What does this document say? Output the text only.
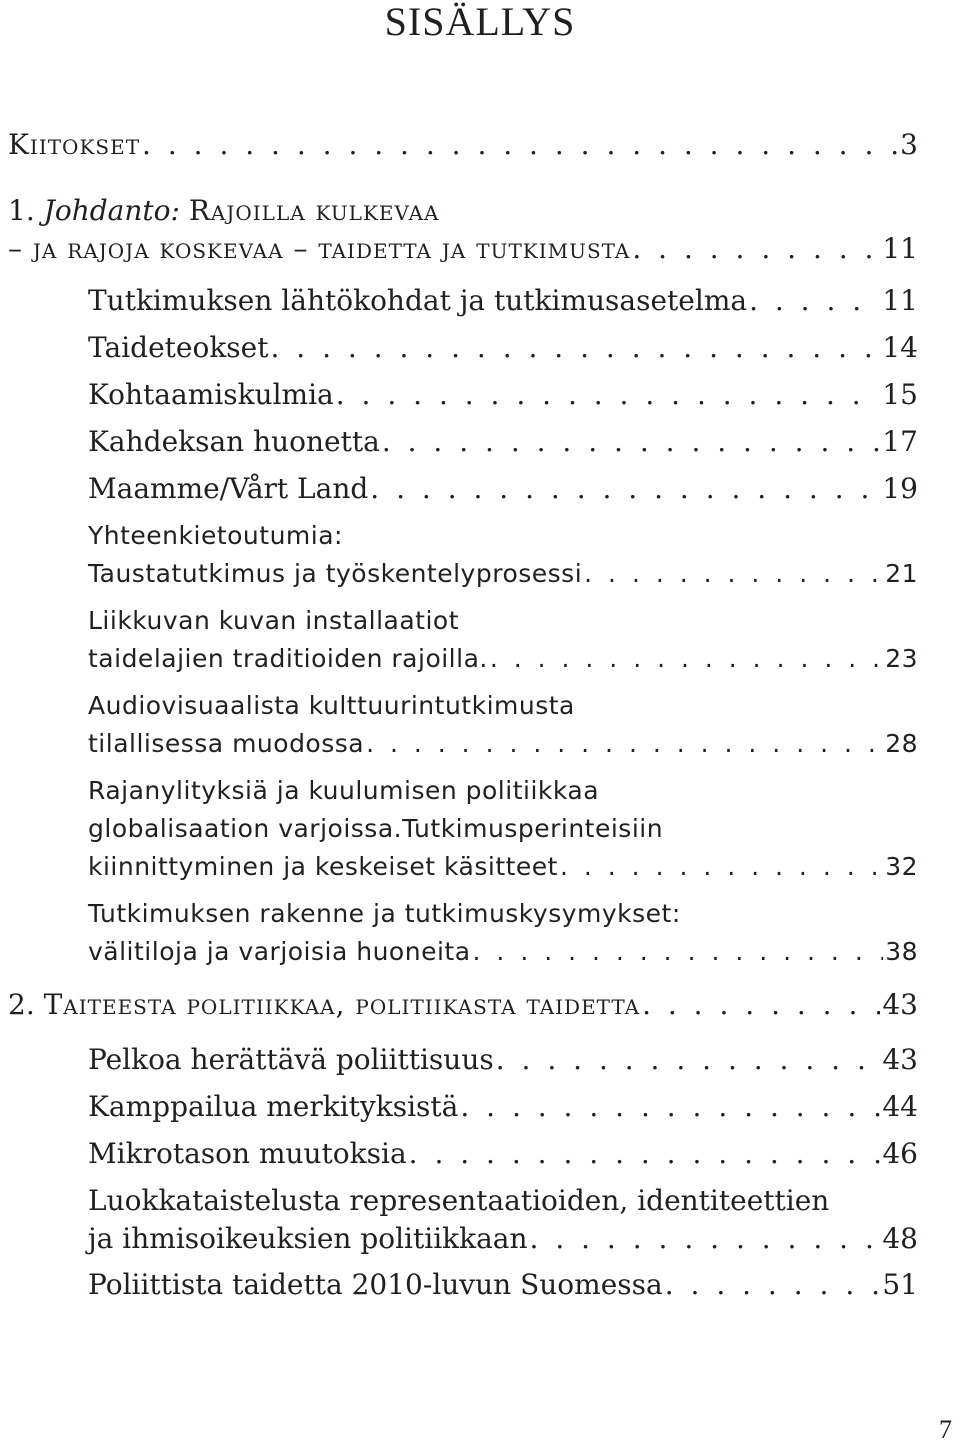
SISÄLLYS
Kiitokset . . .	3
1.
Johdanto:
Rajoilla kulkevaa
– ja rajoja koskevaa – taidetta ja tutkimusta . . .	11
Tutkimuksen lähtökohdat ja tutkimusasetelma . . .	11
Taideteokset . . .	14
Kohtaamiskulmia . . .	15
Kahdeksan huonetta . . .	17
Maamme/Vårt Land . . .	19
Yhteenkietoutumia:
Taustatutkimus ja työskentelyprosessi . . .	21
Liikkuvan kuvan installaatiot
taidelajien traditioiden rajoilla. . . .	23
Audiovisuaalista kulttuurintutkimusta
tilallisessa muodossa . . .	28
Rajanylityksiä ja kuulumisen politiikkaa
globalisaation varjoissa.Tutkimusperinteisiin
kiinnittyminen ja keskeiset käsitteet . . .	32
Tutkimuksen rakenne ja tutkimuskysymykset:
välitiloja ja varjoisia huoneita . . .	38
2.
Taiteesta politiikkaa, politiikasta taidetta . . .	43
Pelkoa herättävä poliittisuus . . .	43
Kamppailua merkityksistä . . .	44
Mikrotason muutoksia . . .	46
Luokkataistelusta representaatioiden, identiteettien
ja ihmisoikeuksien politiikkaan . . .	48
Poliittista taidetta 2010-luvun Suomessa . . .	51
7
